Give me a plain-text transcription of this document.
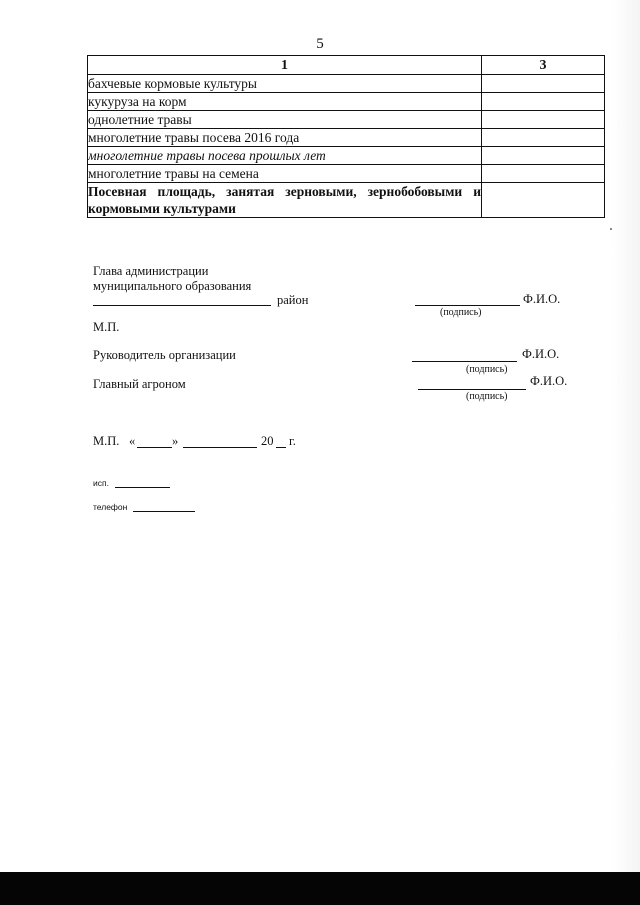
5
1	3
бахчевые кормовые культуры	
кукуруза на корм	
однолетние травы	
многолетние травы посева 2016 года	
многолетние травы посева прошлых лет	
многолетние травы на семена	
Посевная площадь, занятая зерновыми, зернобобовыми и кормовыми культурами	
Глава администрации
муниципального образования
район	Ф.И.О.
(подпись)
М.П.
Руководитель организации	Ф.И.О.
(подпись)
Главный агроном	Ф.И.О.
(подпись)
М.П. «	»	20 г.
исп.
телефон
